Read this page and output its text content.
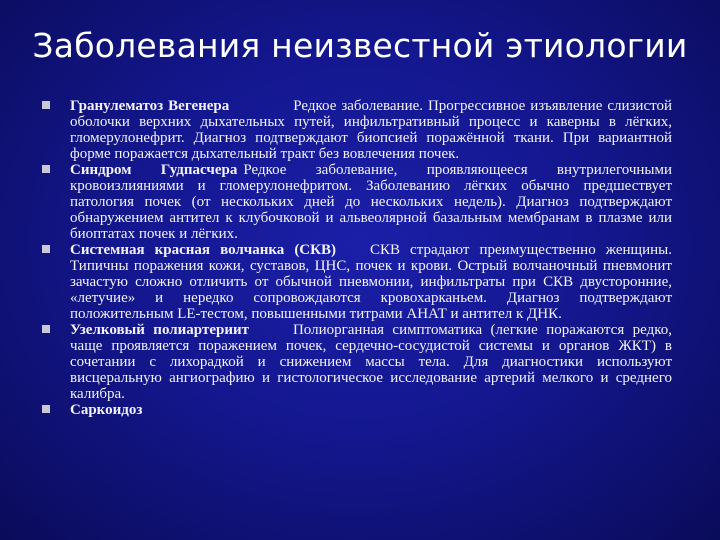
Заболевания неизвестной этиологии
Гранулематоз Вегенера	Редкое заболевание. Прогрессивное изъявление слизистой оболочки верхних дыхательных путей, инфильтративный процесс и каверны в лёгких, гломерулонефрит. Диагноз подтверждают биопсией поражённой ткани. При вариантной форме поражается дыхательный тракт без вовлечения почек.
Синдром Гудпасчера Редкое заболевание, проявляющееся внутрилегочными кровоизлияниями и гломерулонефритом. Заболеванию лёгких обычно предшествует патология почек (от нескольких дней до нескольких недель). Диагноз подтверждают обнаружением антител к клубочковой и альвеолярной базальным мембранам в плазме или биоптатах почек и лёгких.
Системная красная волчанка (СКВ) СКВ страдают преимущественно женщины. Типичны поражения кожи, суставов, ЦНС, почек и крови. Острый волчаночный пневмонит зачастую сложно отличить от обычной пневмонии, инфильтраты при СКВ двусторонние, «летучие» и нередко сопровождаются кровохарканьем. Диагноз подтверждают положительным LE-тестом, повышенными титрами АНАТ и антител к ДНК.
Узелковый полиартериит	Полиорганная симптоматика (легкие поражаются редко, чаще проявляется поражением почек, сердечно-сосудистой системы и органов ЖКТ) в сочетании с лихорадкой и снижением массы тела. Для диагностики используют висцеральную ангиографию и гистологическое исследование артерий мелкого и среднего калибра.
Саркоидоз
